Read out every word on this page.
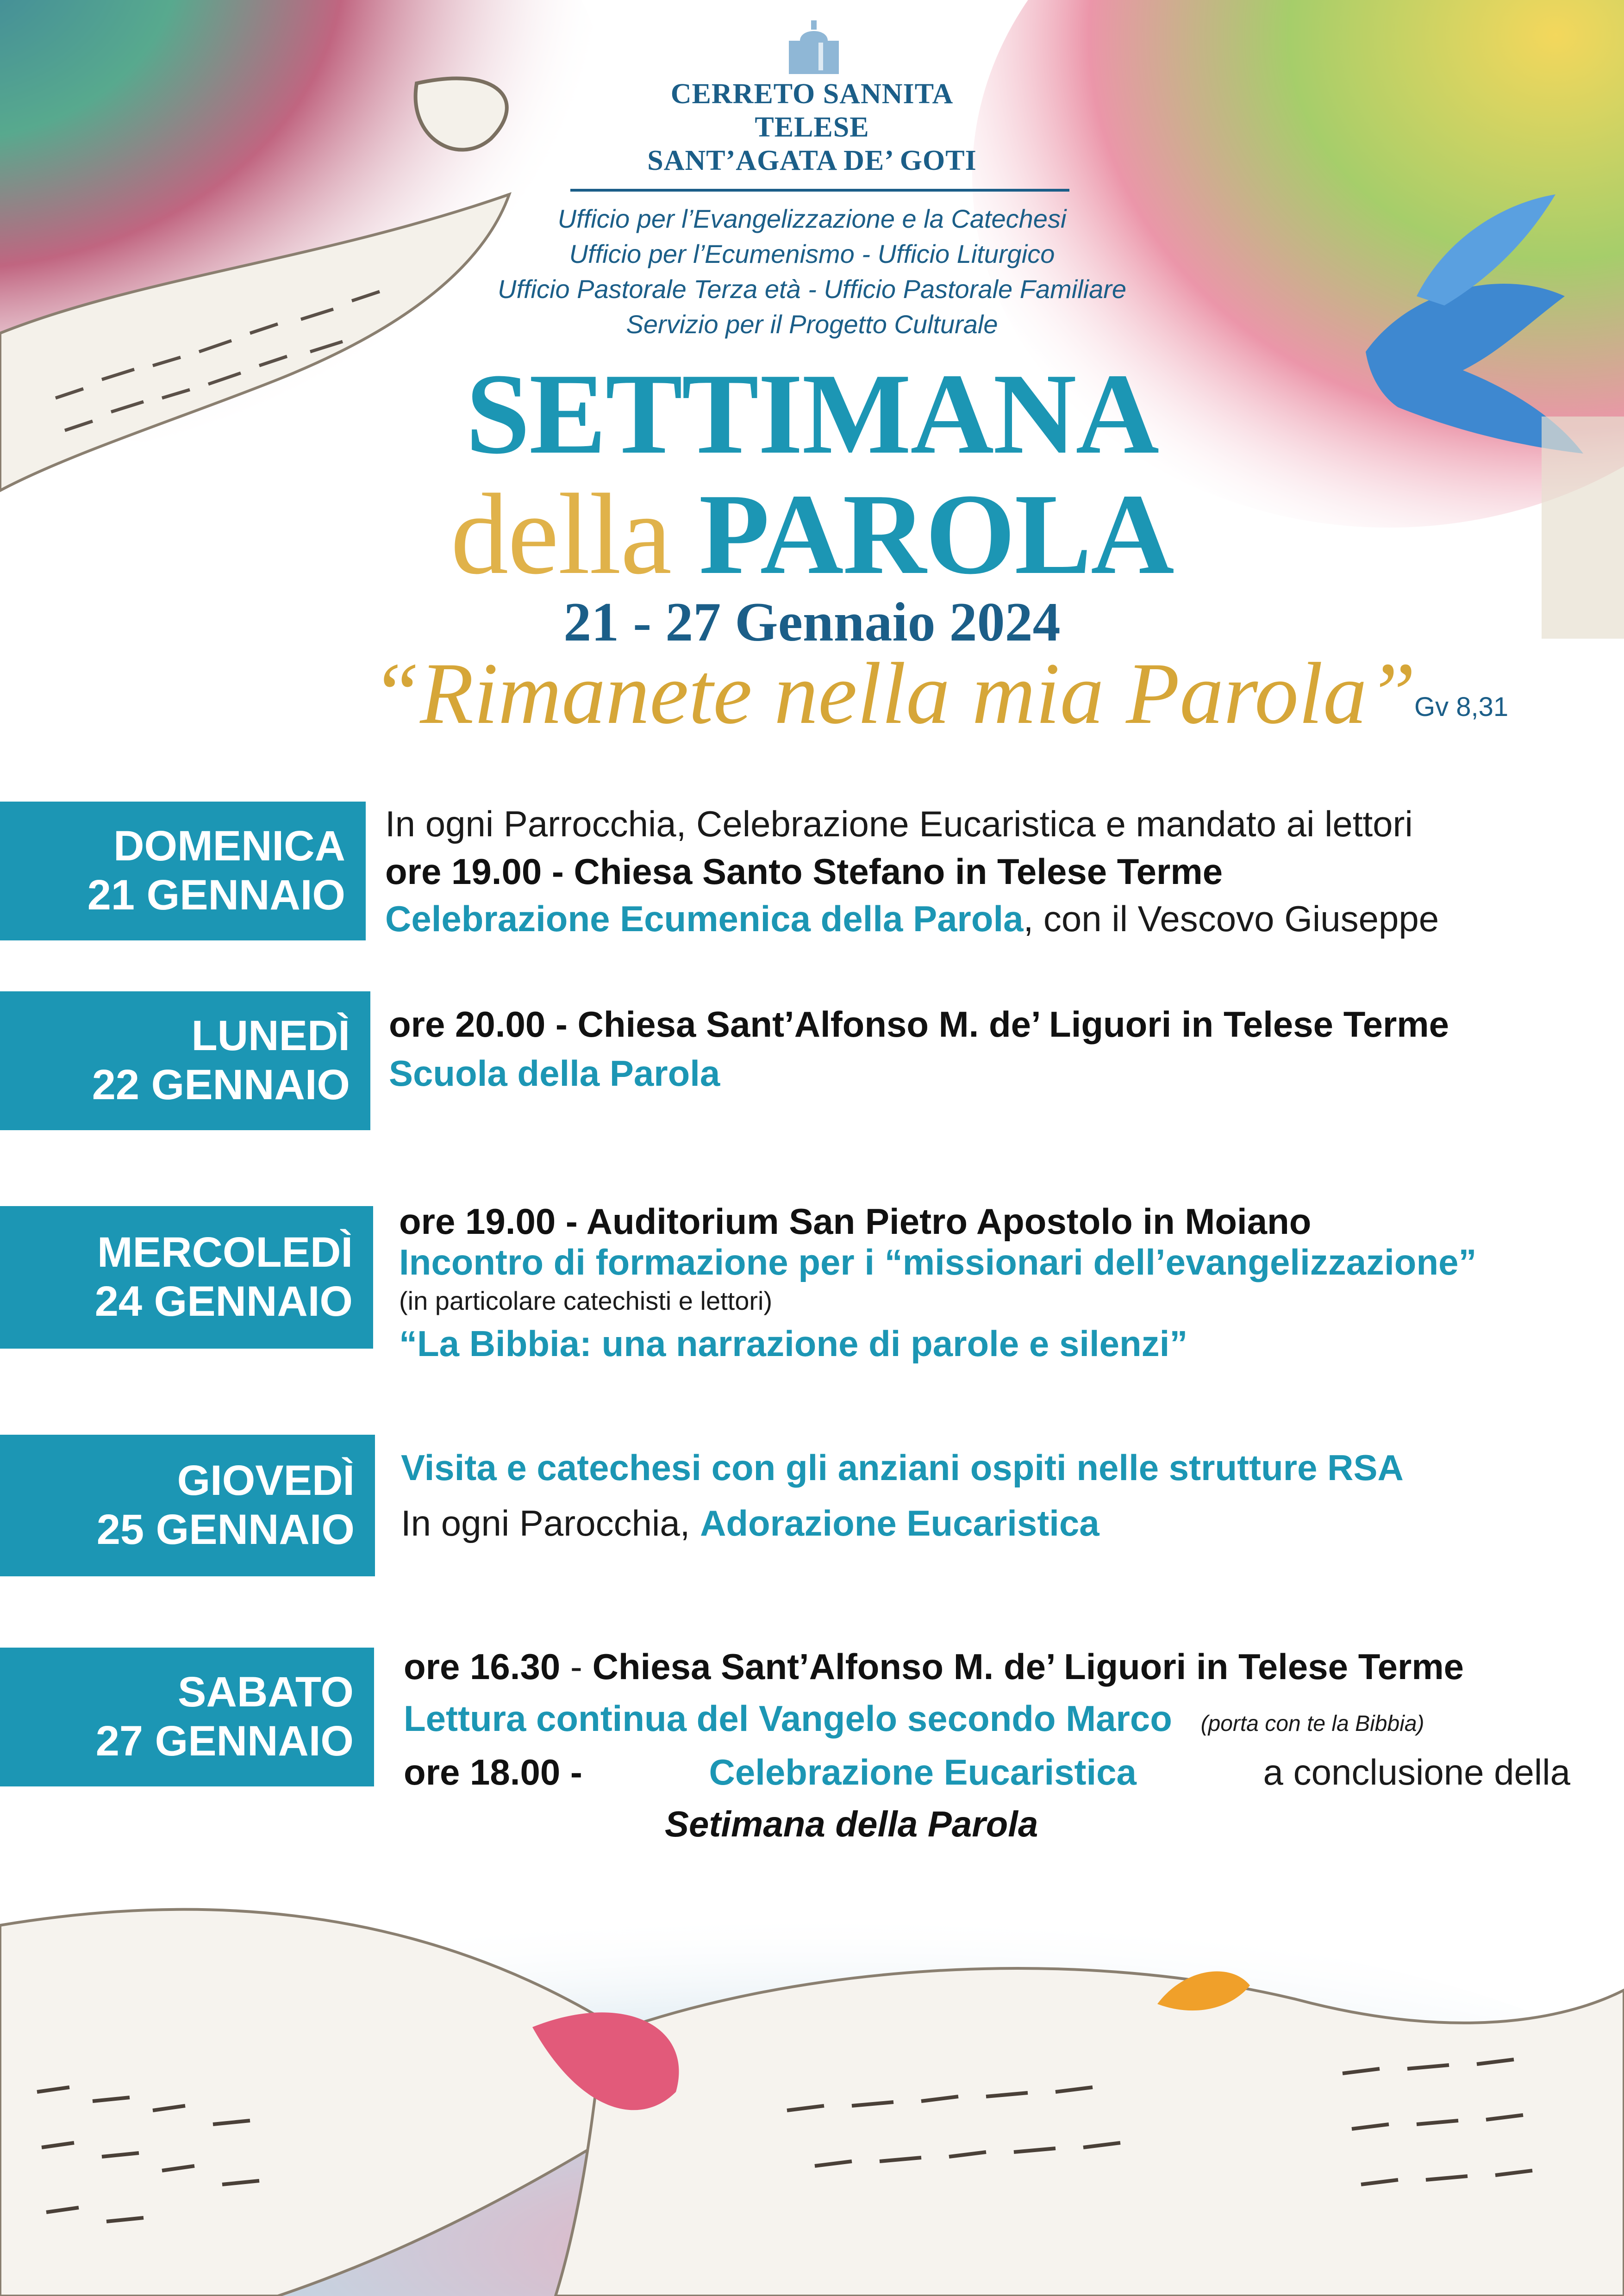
CERRETO SANNITA
TELESE
SANT’AGATA DE’ GOTI
Ufficio per l’Evangelizzazione e la Catechesi
Ufficio per l’Ecumenismo - Ufficio Liturgico
Ufficio Pastorale Terza età - Ufficio Pastorale Familiare
Servizio per il Progetto Culturale
SETTIMANA
della PAROLA
21 - 27 Gennaio 2024
“Rimanete nella mia Parola”
Gv 8,31
DOMENICA
21 GENNAIO
In ogni Parrocchia, Celebrazione Eucaristica e mandato ai lettori
ore 19.00 - Chiesa Santo Stefano in Telese Terme
Celebrazione Ecumenica della Parola, con il Vescovo Giuseppe
LUNEDÌ
22 GENNAIO
ore 20.00 - Chiesa Sant’Alfonso M. de’ Liguori in Telese Terme
Scuola della Parola
MERCOLEDÌ
24 GENNAIO
ore 19.00 - Auditorium San Pietro Apostolo in Moiano
Incontro di formazione per i “missionari dell’evangelizzazione”
(in particolare catechisti e lettori)
“La Bibbia: una narrazione di parole e silenzi”
GIOVEDÌ
25 GENNAIO
Visita e catechesi con gli anziani ospiti nelle strutture RSA
In ogni Parocchia, Adorazione Eucaristica
SABATO
27 GENNAIO
ore 16.30 - Chiesa Sant’Alfonso M. de’ Liguori in Telese Terme
Lettura continua del Vangelo secondo Marco (porta con te la Bibbia)
ore 18.00 -	Celebrazione Eucaristica	a conclusione della
Setimana della Parola
